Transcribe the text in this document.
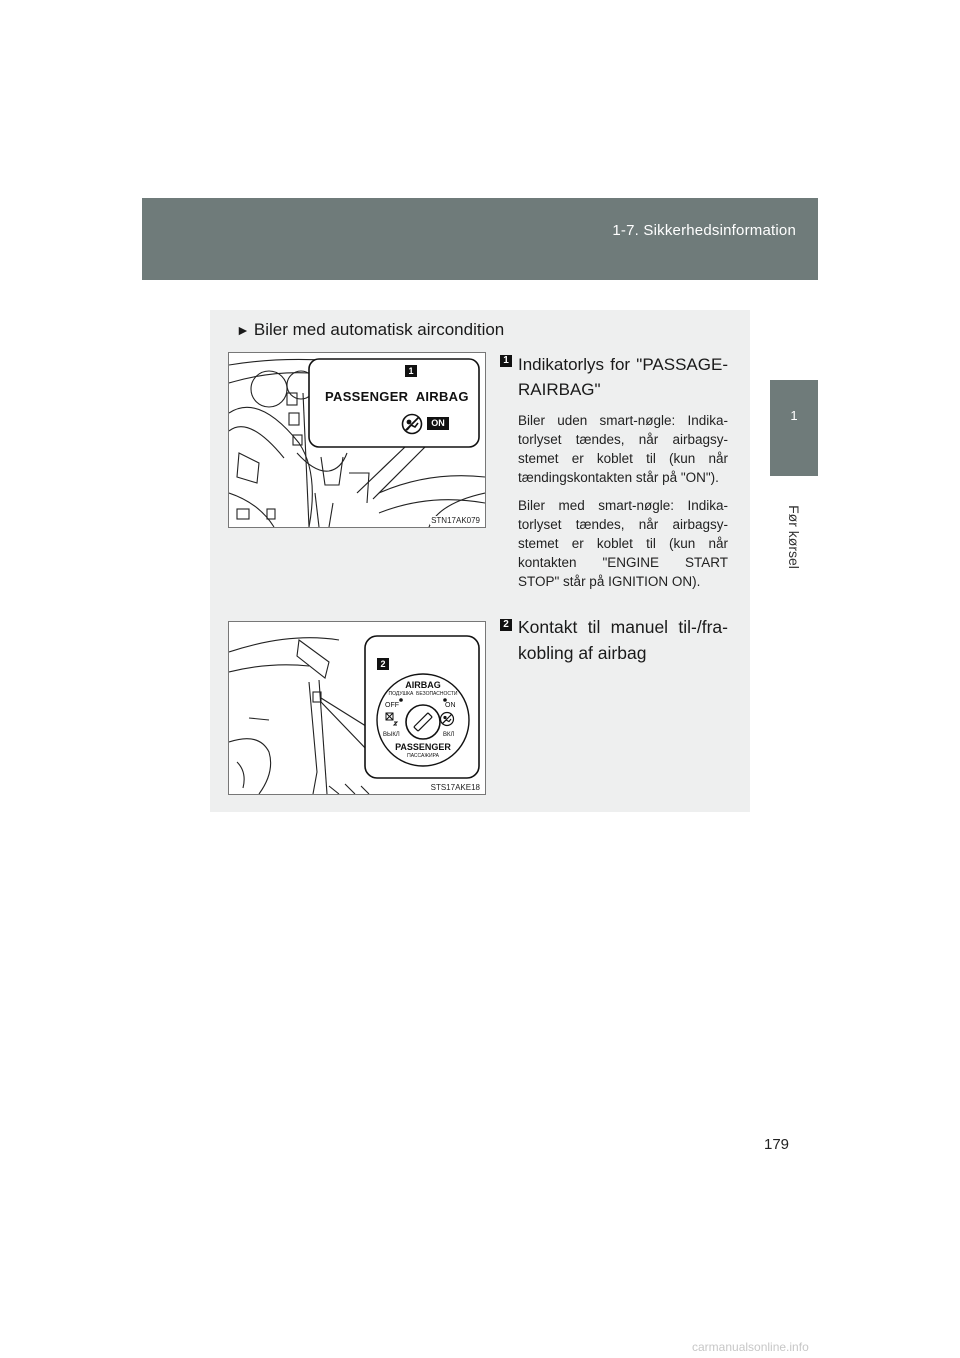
1-7. Sikkerhedsinformation
1
Før kørsel
► Biler med automatisk aircondition
1
PASSENGER  AIRBAG
ON
STN17AK079
2
AIRBAG
ПОДУШКА  БЕЗОПАСНОСТИ
OFF	ON
ВЫКЛ	ВКЛ
PASSENGER
ПАССАЖИРА
STS17AKE18
1 Indikatorlys for "PASSAGE-RAIRBAG"
Biler uden smart-nøgle: Indika-torlyset tændes, når airbagsy-stemet er koblet til (kun når tændingskontakten står på "ON").
Biler med smart-nøgle: Indika-torlyset tændes, når airbagsy-stemet er koblet til (kun når kontakten "ENGINE START STOP" står på IGNITION ON).
2 Kontakt til manuel til-/fra-kobling af airbag
179
carmanualsonline.info
